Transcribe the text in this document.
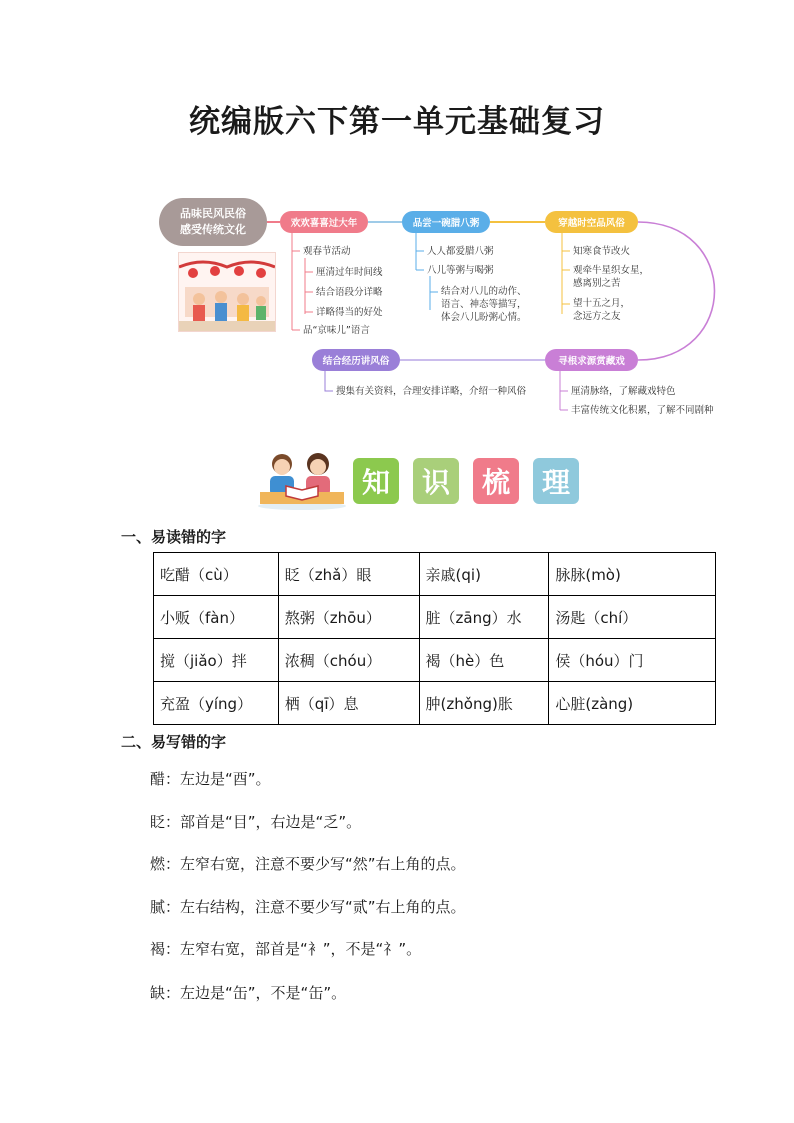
统编版六下第一单元基础复习
品味民风民俗
感受传统文化	欢欢喜喜过大年	品尝一碗腊八粥	穿越时空品风俗
寻根求源赏藏戏
结合经历讲风俗
观春节活动
厘清过年时间线
结合语段分详略
详略得当的好处
品“京味儿”语言
人人都爱腊八粥
八儿等粥与喝粥
结合对八儿的动作、
语言、神态等描写，
体会八儿盼粥心情。
知寒食节改火
观牵牛星织女星，
感离别之苦
望十五之月，
念远方之友
厘清脉络，了解藏戏特色
丰富传统文化积累，了解不同剧种
搜集有关资料，合理安排详略，介绍一种风俗
知	识	梳	理
一、易读错的字
吃醋（cù）	眨（zhǎ）眼	亲戚(qi)	脉脉(mò)
小贩（fàn）	熬粥（zhōu）	脏（zāng）水	汤匙（chí）
搅（jiǎo）拌	浓稠（chóu）	褐（hè）色	侯（hóu）门
充盈（yíng）	栖（qī）息	肿(zhǒng)胀	心脏(zàng)
二、易写错的字
醋：左边是“酉”。
眨：部首是“目”，右边是“乏”。
燃：左窄右宽，注意不要少写“然”右上角的点。
腻：左右结构，注意不要少写“贰”右上角的点。
褐：左窄右宽，部首是“衤”，不是“礻”。
缺：左边是“缶”，不是“缶”。
